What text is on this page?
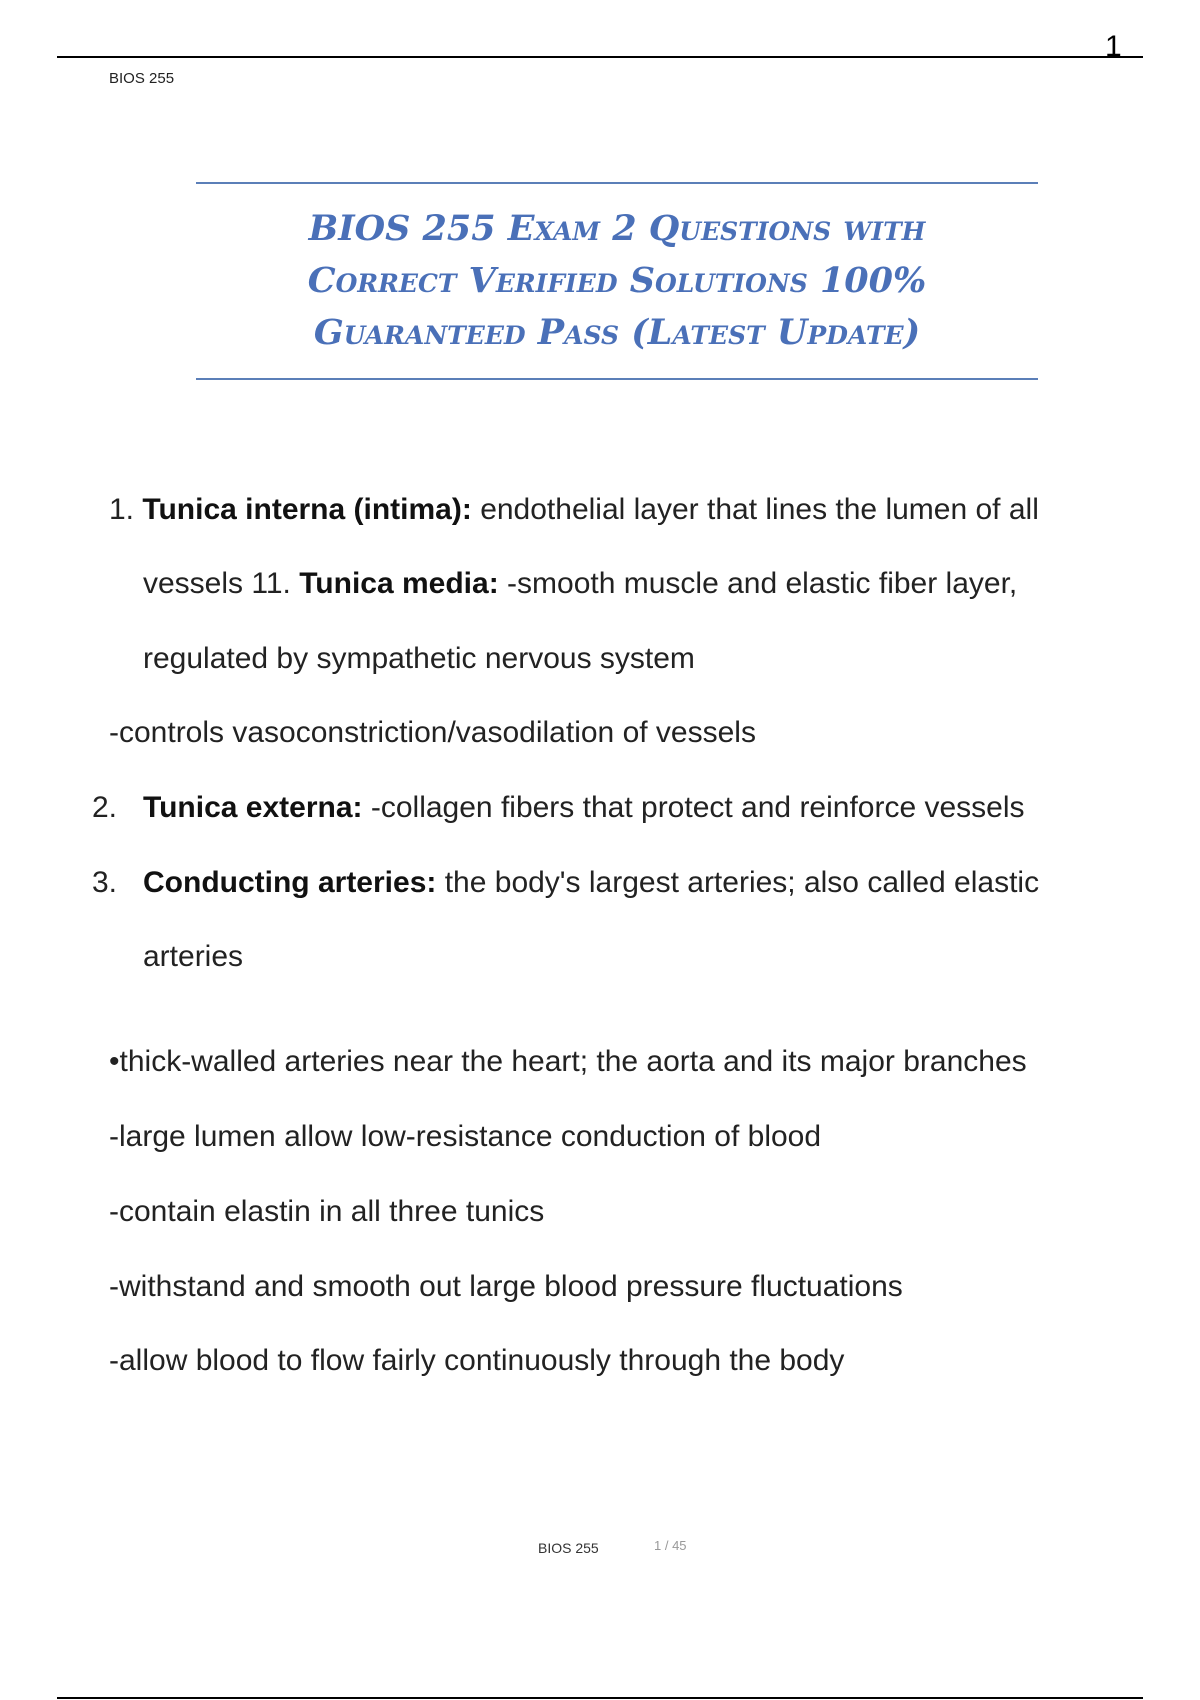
1
BIOS 255
BIOS 255 Exam 2 Questions with Correct Verified Solutions 100% Guaranteed Pass (Latest Update)
1. Tunica interna (intima): endothelial layer that lines the lumen of all
vessels 11. Tunica media: -smooth muscle and elastic fiber layer,
regulated by sympathetic nervous system
-controls vasoconstriction/vasodilation of vessels
2. Tunica externa: -collagen fibers that protect and reinforce vessels
3. Conducting arteries: the body's largest arteries; also called elastic
arteries
•thick-walled arteries near the heart; the aorta and its major branches
-large lumen allow low-resistance conduction of blood
-contain elastin in all three tunics
-withstand and smooth out large blood pressure fluctuations
-allow blood to flow fairly continuously through the body
BIOS 255	1 / 45
